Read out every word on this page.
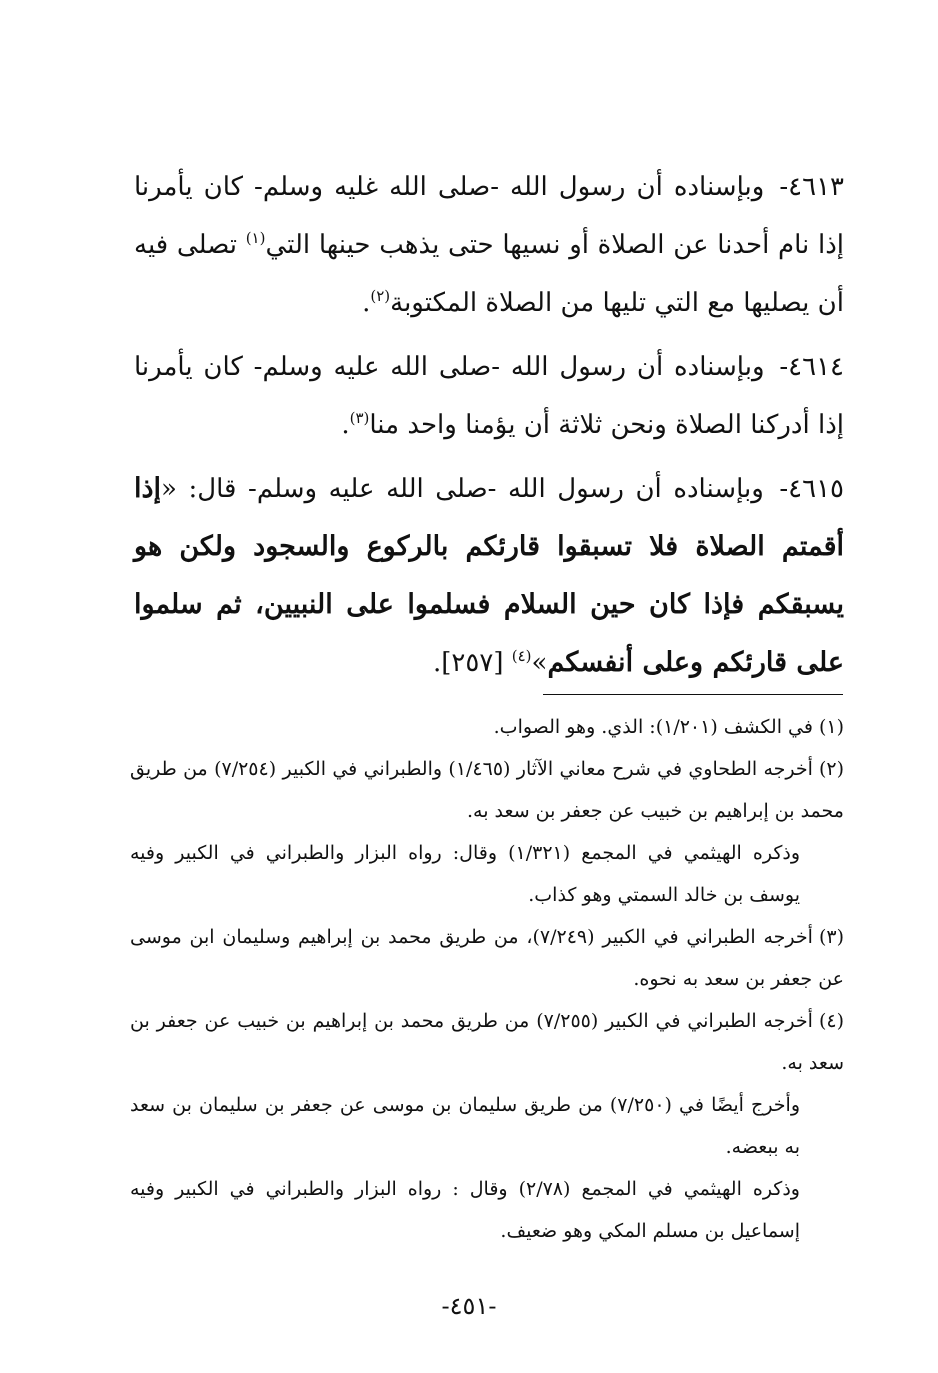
٤٦١٣- وبإسناده أن رسول الله -صلى الله غليه وسلم- كان يأمرنا إذا نام أحدنا عن الصلاة أو نسيها حتى يذهب حينها التي$^{(١)}$ تصلى فيه أن يصليها مع التي تليها من الصلاة المكتوبة$^{(٢)}$.

٤٦١٤- وبإسناده أن رسول الله -صلى الله عليه وسلم- كان يأمرنا إذا أدركنا الصلاة ونحن ثلاثة أن يؤمنا واحد منا$^{(٣)}$.

٤٦١٥- وبإسناده أن رسول الله -صلى الله عليه وسلم- قال: «إذا أقمتم الصلاة فلا تسبقوا قارئكم بالركوع والسجود ولكن هو يسبقكم فإذا كان حين السلام فسلموا على النبيين، ثم سلموا على قارئكم وعلى أنفسكم»$^{(٤)}$ [٢٥٧].

(١)في الكشف (١/٢٠١): الذي. وهو الصواب.

(٢)أخرجه الطحاوي في شرح معاني الآثار (١/٤٦٥) والطبراني في الكبير (٧/٢٥٤) من طريق محمد بن إبراهيم بن خبيب عن جعفر بن سعد به.

وذكره الهيثمي في المجمع (١/٣٢١) وقال: رواه البزار والطبراني في الكبير وفيه يوسف بن خالد السمتي وهو كذاب.

(٣)أخرجه الطبراني في الكبير (٧/٢٤٩)، من طريق محمد بن إبراهيم وسليمان ابن موسى عن جعفر بن سعد به نحوه.

(٤)أخرجه الطبراني في الكبير (٧/٢٥٥) من طريق محمد بن إبراهيم بن خبيب عن جعفر بن سعد به.

وأخرج أيضًا في (٧/٢٥٠) من طريق سليمان بن موسى عن جعفر بن سليمان بن سعد به ببعضه.

وذكره الهيثمي في المجمع (٢/٧٨) وقال : رواه البزار والطبراني في الكبير وفيه إسماعيل بن مسلم المكي وهو ضعيف.

-٤٥١-
